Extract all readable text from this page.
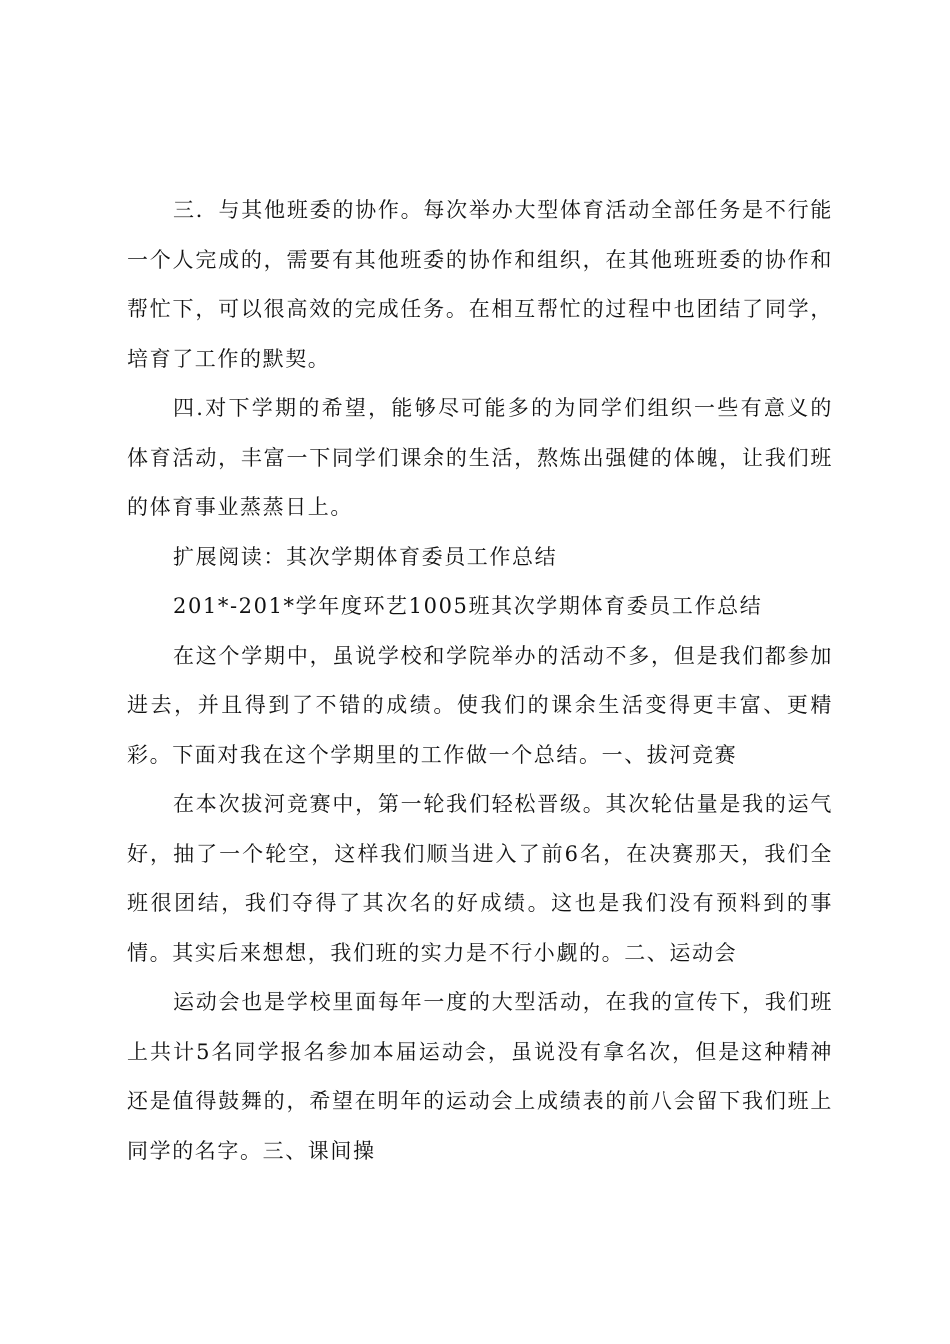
三．与其他班委的协作。每次举办大型体育活动全部任务是不行能一个人完成的，需要有其他班委的协作和组织，在其他班班委的协作和帮忙下，可以很高效的完成任务。在相互帮忙的过程中也团结了同学，培育了工作的默契。

四.对下学期的希望，能够尽可能多的为同学们组织一些有意义的体育活动，丰富一下同学们课余的生活，熬炼出强健的体魄，让我们班的体育事业蒸蒸日上。

扩展阅读：其次学期体育委员工作总结

201*-201*学年度环艺1005班其次学期体育委员工作总结

在这个学期中，虽说学校和学院举办的活动不多，但是我们都参加进去，并且得到了不错的成绩。使我们的课余生活变得更丰富、更精彩。下面对我在这个学期里的工作做一个总结。一、拔河竞赛

在本次拔河竞赛中，第一轮我们轻松晋级。其次轮估量是我的运气好，抽了一个轮空，这样我们顺当进入了前6名，在决赛那天，我们全班很团结，我们夺得了其次名的好成绩。这也是我们没有预料到的事情。其实后来想想，我们班的实力是不行小觑的。二、运动会

运动会也是学校里面每年一度的大型活动，在我的宣传下，我们班上共计5名同学报名参加本届运动会，虽说没有拿名次，但是这种精神还是值得鼓舞的，希望在明年的运动会上成绩表的前八会留下我们班上同学的名字。三、课间操
